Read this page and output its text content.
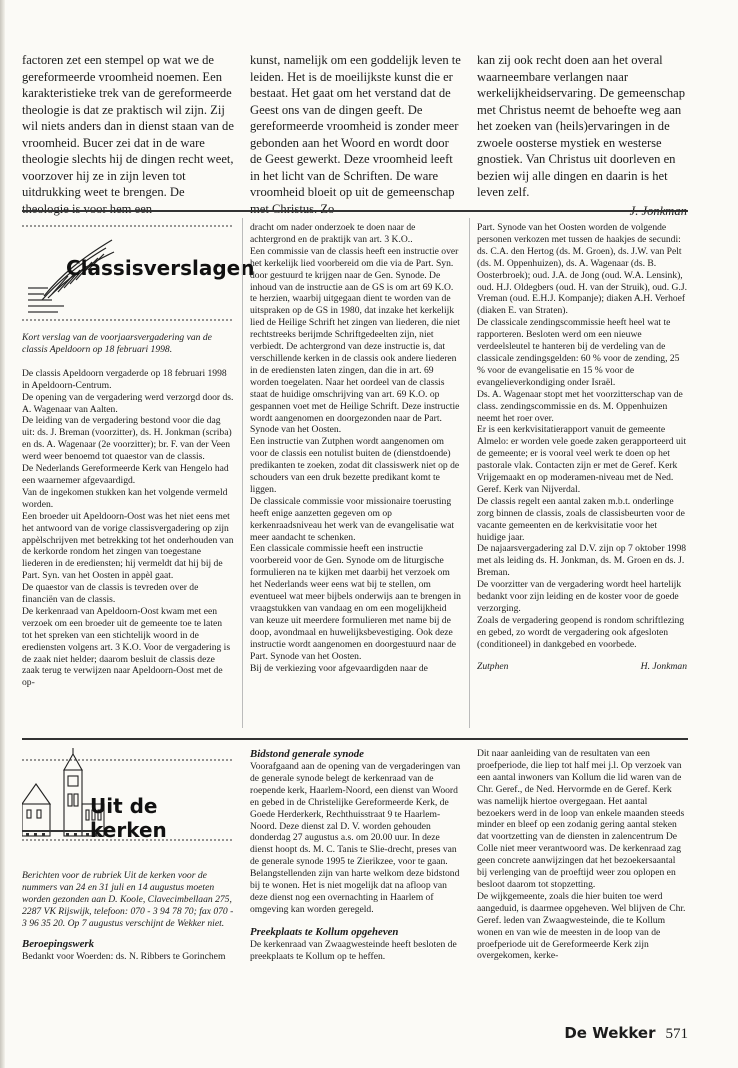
factoren zet een stempel op wat we de gereformeerde vroomheid noemen. Een karakteristieke trek van de gereformeerde theologie is dat ze praktisch wil zijn. Zij wil niets anders dan in dienst staan van de vroomheid. Bucer zei dat in de ware theologie slechts hij de dingen recht weet, voorzover hij ze in zijn leven tot uitdrukking weet te brengen. De theologie is voor hem een

kunst, namelijk om een goddelijk leven te leiden. Het is de moeilijkste kunst die er bestaat. Het gaat om het verstand dat de Geest ons van de dingen geeft. De gereformeerde vroomheid is zonder meer gebonden aan het Woord en wordt door de Geest gewerkt. Deze vroomheid leeft in het licht van de Schriften. De ware vroomheid bloeit op uit de gemeenschap met Christus. Zo

kan zij ook recht doen aan het overal waarneembare verlangen naar werkelijkheidservaring. De gemeenschap met Christus neemt de behoefte weg aan het zoeken van (heils)ervaringen in de zwoele oosterse mystiek en westerse gnostiek. Van Christus uit doorleven en bezien wij alle dingen en daarin is het leven zelf.

J. Jonkman

Classisverslagen

Kort verslag van de voorjaarsvergadering van de classis Apeldoorn op 18 februari 1998.

De classis Apeldoorn vergaderde op 18 februari 1998 in Apeldoorn-Centrum.

De opening van de vergadering werd verzorgd door ds. A. Wagenaar van Aalten.

De leiding van de vergadering bestond voor die dag uit: ds. J. Breman (voorzitter), ds. H. Jonkman (scriba) en ds. A. Wagenaar (2e voorzitter); br. F. van der Veen werd weer benoemd tot quaestor van de classis.

De Nederlands Gereformeerde Kerk van Hengelo had een waarnemer afgevaardigd.

Van de ingekomen stukken kan het volgende vermeld worden.

Een broeder uit Apeldoorn-Oost was het niet eens met het antwoord van de vorige classisvergadering op zijn appèlschrijven met betrekking tot het onderhouden van de kerkorde rondom het zingen van toegestane liederen in de erediensten; hij vermeldt dat hij bij de Part. Syn. van het Oosten in appèl gaat.

De quaestor van de classis is tevreden over de financiën van de classis.

De kerkenraad van Apeldoorn-Oost kwam met een verzoek om een broeder uit de gemeente toe te laten tot het spreken van een stichtelijk woord in de erediensten volgens art. 3 K.O. Voor de vergadering is de zaak niet helder; daarom besluit de classis deze zaak terug te verwijzen naar Apeldoorn-Oost met de op-

dracht om nader onderzoek te doen naar de achtergrond en de praktijk van art. 3 K.O..

Een commissie van de classis heeft een instructie over het kerkelijk lied voorbereid om die via de Part. Syn. door gestuurd te krijgen naar de Gen. Synode. De inhoud van de instructie aan de GS is om art 69 K.O. te herzien, waarbij uitgegaan dient te worden van de uitspraken op de GS in 1980, dat inzake het kerkelijk lied de Heilige Schrift het zingen van liederen, die niet rechtstreeks berijmde Schriftgedeelten zijn, niet verbiedt. De achtergrond van deze instructie is, dat verschillende kerken in de classis ook andere liederen in de erediensten laten zingen, dan die in art. 69 worden toegelaten. Naar het oordeel van de classis staat de huidige omschrijving van art. 69 K.O. op gespannen voet met de Heilige Schrift. Deze instructie wordt aangenomen en doorgezonden naar de Part. Synode van het Oosten.

Een instructie van Zutphen wordt aangenomen om voor de classis een notulist buiten de (dienstdoende) predikanten te zoeken, zodat dit classiswerk niet op de schouders van een druk bezette predikant komt te liggen.

De classicale commissie voor missionaire toerusting heeft enige aanzetten gegeven om op kerkenraadsniveau het werk van de evangelisatie wat meer aandacht te schenken.

Een classicale commissie heeft een instructie voorbereid voor de Gen. Synode om de liturgische formulieren na te kijken met daarbij het verzoek om het Nederlands weer eens wat bij te stellen, om eventueel wat meer bijbels onderwijs aan te brengen in vraagstukken van vandaag en om een mogelijkheid van keuze uit meerdere formulieren met name bij de doop, avondmaal en huwelijksbevestiging. Ook deze instructie wordt aangenomen en doorgestuurd naar de Part. Synode van het Oosten.

Bij de verkiezing voor afgevaardigden naar de

Part. Synode van het Oosten worden de volgende personen verkozen met tussen de haakjes de secundi: ds. C.A. den Hertog (ds. M. Groen), ds. J.W. van Pelt (ds. M. Oppenhuizen), ds. A. Wagenaar (ds. B. Oosterbroek); oud. J.A. de Jong (oud. W.A. Lensink), oud. H.J. Oldegbers (oud. H. van der Struik), oud. G.J. Vreman (oud. E.H.J. Kompanje); diaken A.H. Verhoef (diaken E. van Straten).

De classicale zendingscommissie heeft heel wat te rapporteren. Besloten werd om een nieuwe verdeelsleutel te hanteren bij de verdeling van de classicale zendingsgelden: 60 % voor de zending, 25 % voor de evangelisatie en 15 % voor de evangelieverkondiging onder Israël.

Ds. A. Wagenaar stopt met het voorzitterschap van de class. zendingscommissie en ds. M. Oppenhuizen neemt het roer over.

Er is een kerkvisitatierapport vanuit de gemeente Almelo: er worden vele goede zaken gerapporteerd uit de gemeente; er is vooral veel werk te doen op het pastorale vlak. Contacten zijn er met de Geref. Kerk Vrijgemaakt en op moderamen-niveau met de Ned. Geref. Kerk van Nijverdal.

De classis regelt een aantal zaken m.b.t. onderlinge zorg binnen de classis, zoals de classisbeurten voor de vacante gemeenten en de kerkvisitatie voor het huidige jaar.

De najaarsvergadering zal D.V. zijn op 7 oktober 1998 met als leiding ds. H. Jonkman, ds. M. Groen en ds. J. Breman.

De voorzitter van de vergadering wordt heel hartelijk bedankt voor zijn leiding en de koster voor de goede verzorging.

Zoals de vergadering geopend is rondom schriftlezing en gebed, zo wordt de vergadering ook afgesloten (conditioneel) in dankgebed en voorbede.

Zutphen	H. Jonkman
Uit de kerken

Berichten voor de rubriek Uit de kerken voor de nummers van 24 en 31 juli en 14 augustus moeten worden gezonden aan D. Koole, Clavecimbellaan 275, 2287 VK Rijswijk, telefoon: 070 - 3 94 78 70; fax 070 - 3 96 35 20. Op 7 augustus verschijnt de Wekker niet.

Beroepingswerk

Bedankt voor Woerden: ds. N. Ribbers te Gorinchem

Bidstond generale synode

Voorafgaand aan de opening van de vergaderingen van de generale synode belegt de kerkenraad van de roepende kerk, Haarlem-Noord, een dienst van Woord en gebed in de Christelijke Gereformeerde Kerk, de Goede Herderkerk, Rechthuisstraat 9 te Haarlem-Noord. Deze dienst zal D. V. worden gehouden donderdag 27 augustus a.s. om 20.00 uur. In deze dienst hoopt ds. M. C. Tanis te Slie-drecht, preses van de generale synode 1995 te Zierikzee, voor te gaan. Belangstellenden zijn van harte welkom deze bidstond bij te wonen. Het is niet mogelijk dat na afloop van deze dienst nog een overnachting in Haarlem of omgeving kan worden geregeld.

Preekplaats te Kollum opgeheven

De kerkenraad van Zwaagwesteinde heeft besloten de preekplaats te Kollum op te heffen.

Dit naar aanleiding van de resultaten van een proefperiode, die liep tot half mei j.l. Op verzoek van een aantal inwoners van Kollum die lid waren van de Chr. Geref., de Ned. Hervormde en de Geref. Kerk was namelijk hiertoe overgegaan. Het aantal bezoekers werd in de loop van enkele maanden steeds minder en bleef op een zodanig gering aantal steken dat voortzetting van de diensten in zalencentrum De Colle niet meer verantwoord was. De kerkenraad zag geen concrete aanwijzingen dat het bezoekersaantal bij verlenging van de proeftijd weer zou oplopen en besloot daarom tot stopzetting.

De wijkgemeente, zoals die hier buiten toe werd aangeduid, is daarmee opgeheven. Wel blijven de Chr. Geref. leden van Zwaagwesteinde, die te Kollum wonen en van wie de meesten in de loop van de proefperiode uit de Gereformeerde Kerk zijn overgekomen, kerke-

De Wekker 571
